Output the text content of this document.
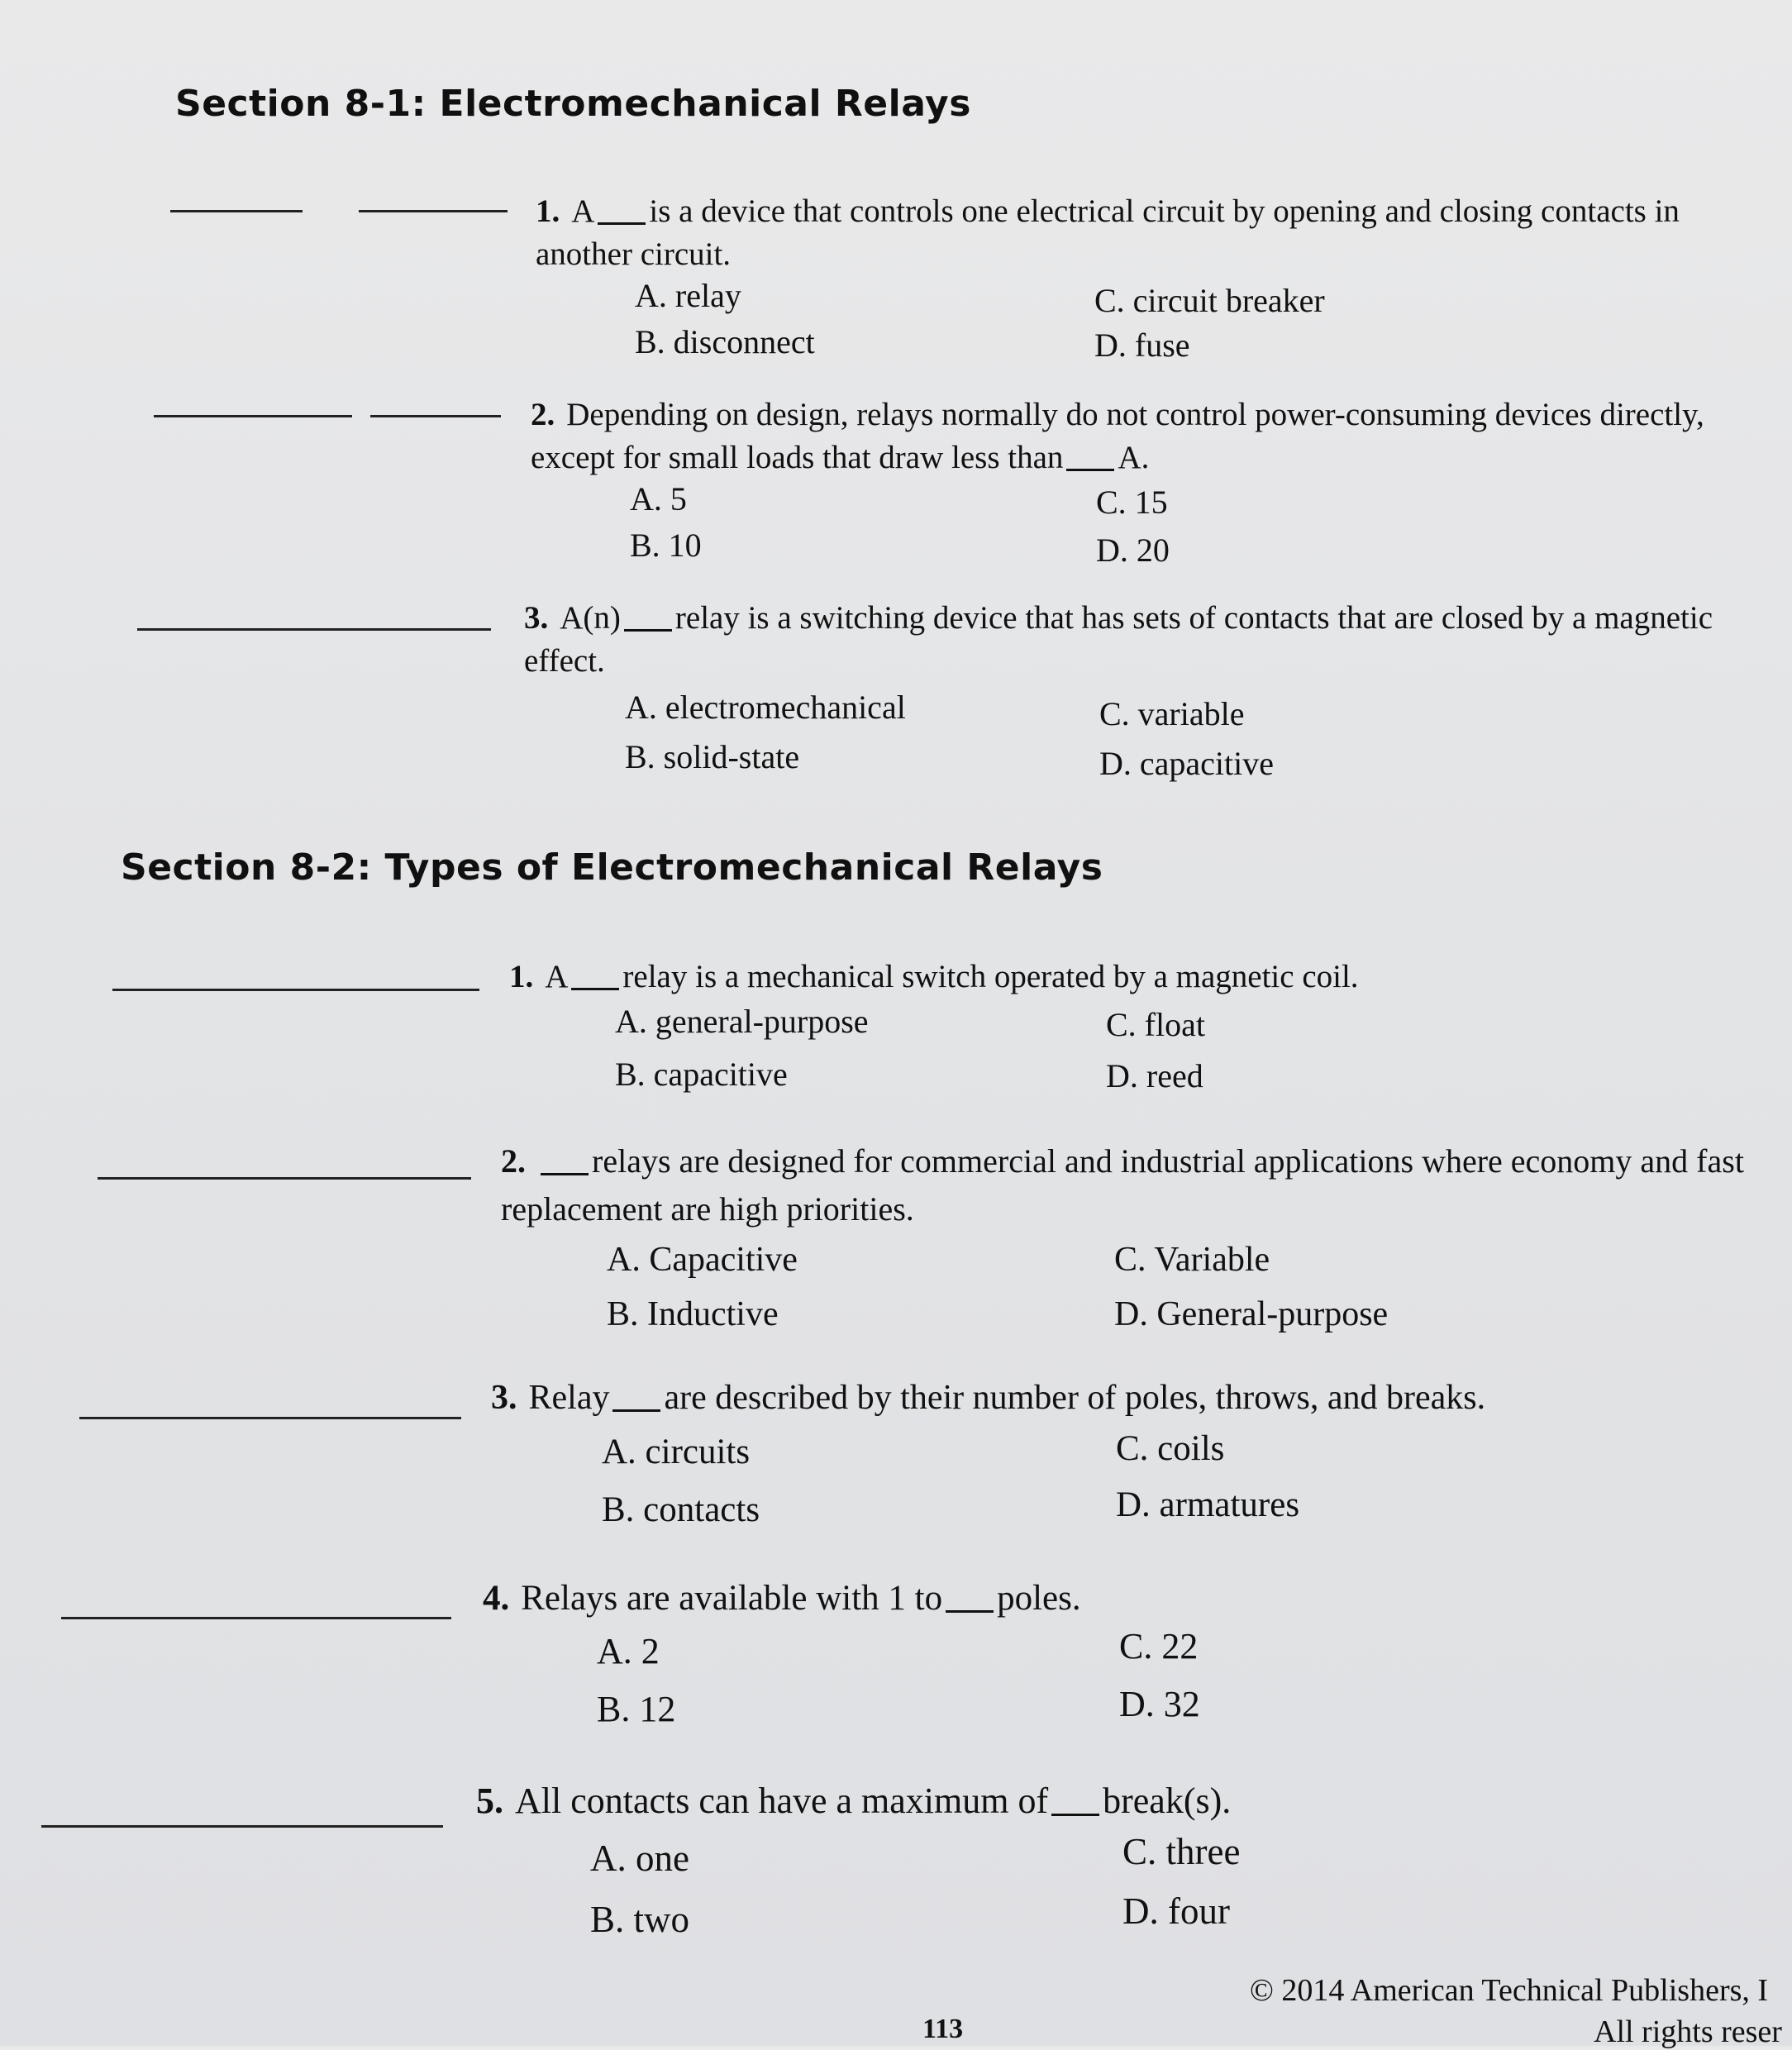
Section 8-1: Electromechanical Relays
1. A is a device that controls one electrical circuit by opening and closing contacts in another circuit.
A. relay
B. disconnect
C. circuit breaker
D. fuse
2. Depending on design, relays normally do not control power-consuming devices directly, except for small loads that draw less than A.
A. 5
B. 10
C. 15
D. 20
3. A(n) relay is a switching device that has sets of contacts that are closed by a magnetic effect.
A. electromechanical
B. solid-state
C. variable
D. capacitive
Section 8-2: Types of Electromechanical Relays
1. A relay is a mechanical switch operated by a magnetic coil.
A. general-purpose
B. capacitive
C. float
D. reed
2. relays are designed for commercial and industrial applications where economy and fast replacement are high priorities.
A. Capacitive
B. Inductive
C. Variable
D. General-purpose
3. Relay are described by their number of poles, throws, and breaks.
A. circuits
B. contacts
C. coils
D. armatures
4. Relays are available with 1 to poles.
A. 2
B. 12
C. 22
D. 32
5. All contacts can have a maximum of break(s).
A. one
B. two
C. three
D. four
113
© 2014 American Technical Publishers, I
All rights reser
